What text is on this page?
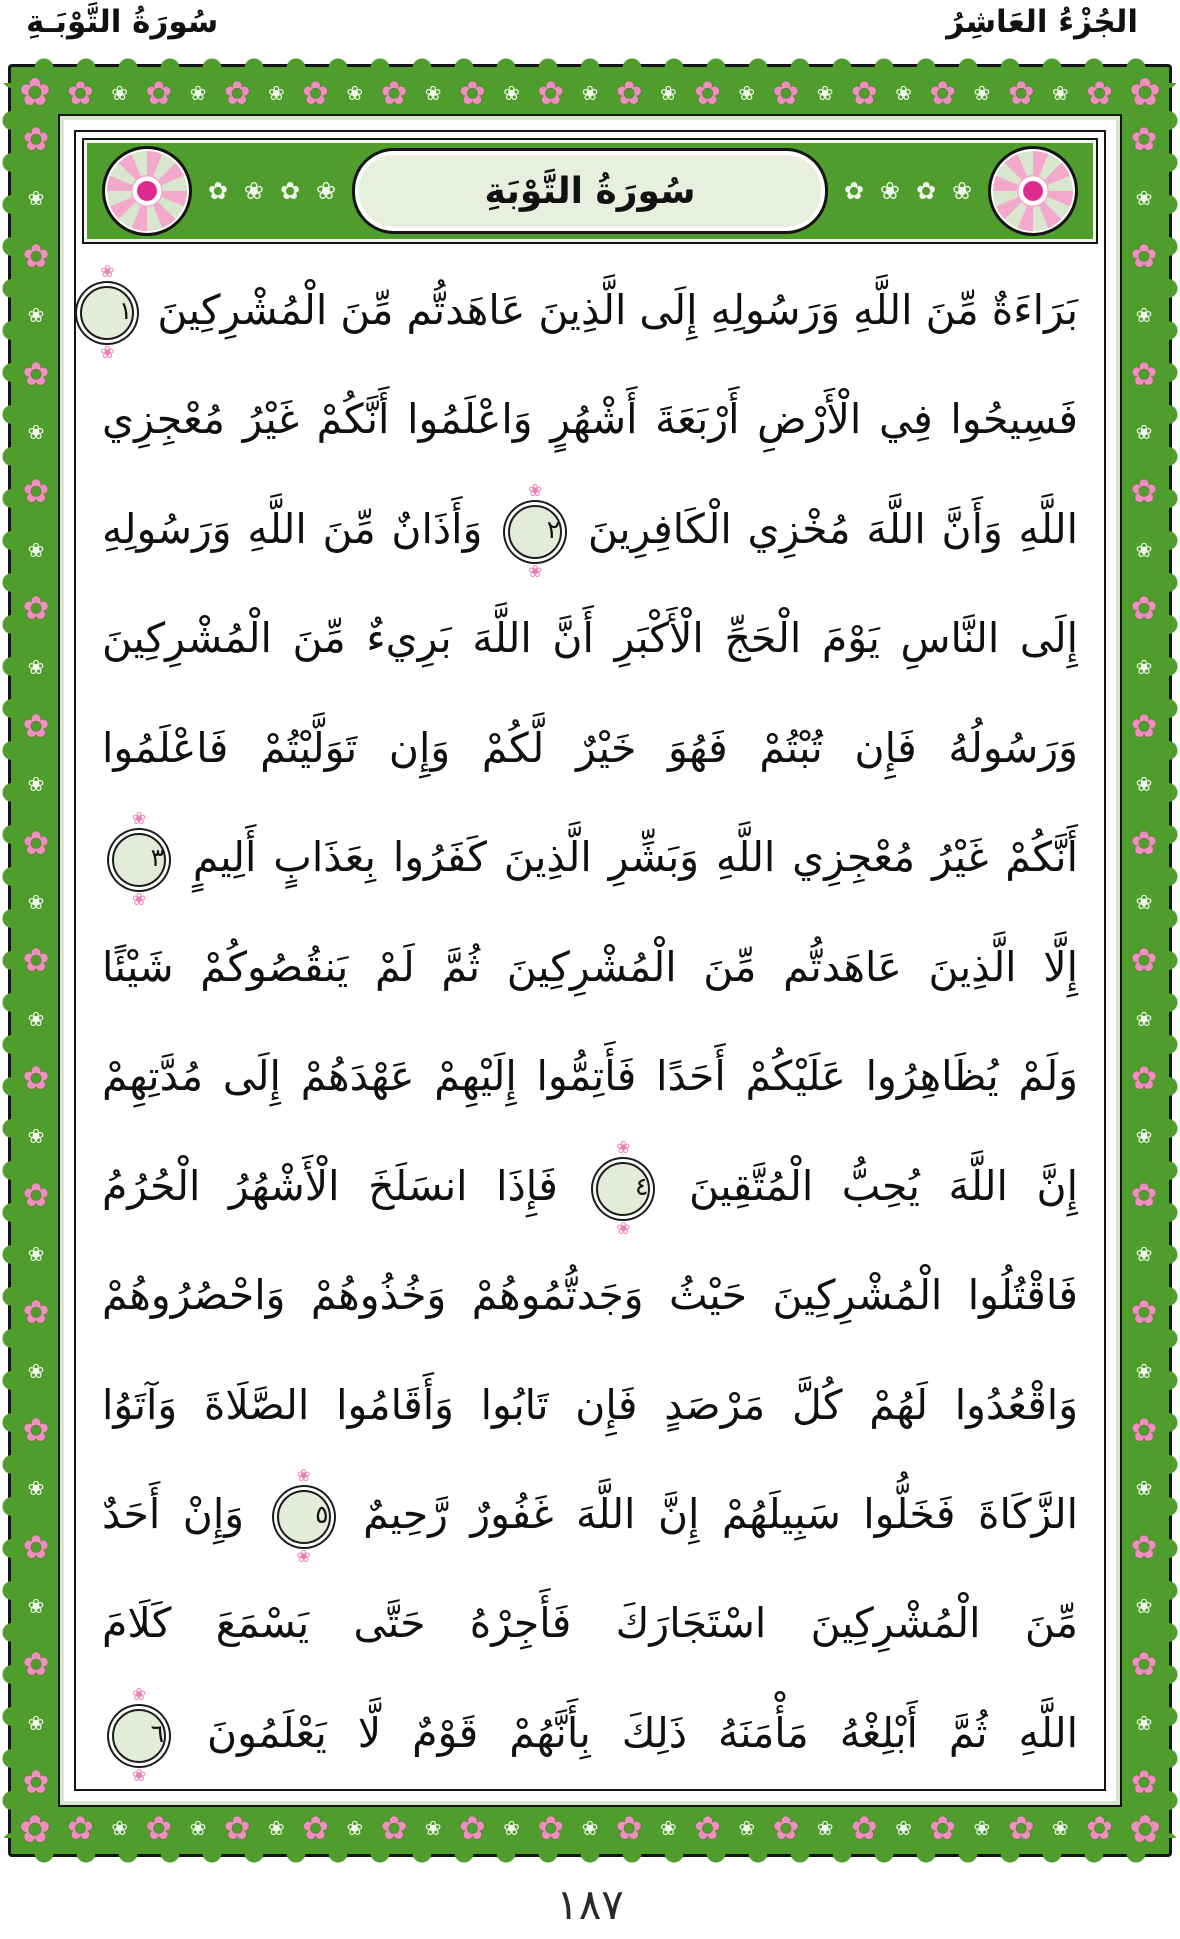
الجُزْءُ العَاشِرُ
سُورَةُ التَّوْبَـةِ
✿ ❀ ✿ ❀ ✿ ❀ ✿ ❀ ✿ ❀ ✿ ❀ ✿ ❀ ✿ ❀ ✿ ❀ ✿ ❀ ✿ ❀ ✿ ❀ ✿ ❀ ✿
✿ ❀ ✿ ❀ ✿ ❀ ✿ ❀ ✿ ❀ ✿ ❀ ✿ ❀ ✿ ❀ ✿ ❀ ✿ ❀ ✿ ❀ ✿ ❀ ✿ ❀ ✿
✿
❀
✿
❀
✿
❀
✿
❀
✿
❀
✿
❀
✿
❀
✿
❀
✿
❀
✿
❀
✿
❀
✿
❀
✿
❀
✿
❀
✿
✿
❀
✿
❀
✿
❀
✿
❀
✿
❀
✿
❀
✿
❀
✿
❀
✿
❀
✿
❀
✿
❀
✿
❀
✿
❀
✿
❀
✿
✿	✿
✿	✿
✿ ❀ ✿ ❀	سُورَةُ التَّوْبَةِ	✿ ❀ ✿ ❀
بَرَاءَةٌ مِّنَ اللَّهِ وَرَسُولِهِ إِلَى الَّذِينَ عَاهَدتُّم مِّنَ الْمُشْرِكِينَ ❀ ١ ❀
فَسِيحُوا فِي الْأَرْضِ أَرْبَعَةَ أَشْهُرٍ وَاعْلَمُوا أَنَّكُمْ غَيْرُ مُعْجِزِي
اللَّهِ وَأَنَّ اللَّهَ مُخْزِي الْكَافِرِينَ ❀ ٢ ❀ وَأَذَانٌ مِّنَ اللَّهِ وَرَسُولِهِ
إِلَى النَّاسِ يَوْمَ الْحَجِّ الْأَكْبَرِ أَنَّ اللَّهَ بَرِيءٌ مِّنَ الْمُشْرِكِينَ
وَرَسُولُهُ فَإِن تُبْتُمْ فَهُوَ خَيْرٌ لَّكُمْ وَإِن تَوَلَّيْتُمْ فَاعْلَمُوا
أَنَّكُمْ غَيْرُ مُعْجِزِي اللَّهِ وَبَشِّرِ الَّذِينَ كَفَرُوا بِعَذَابٍ أَلِيمٍ ❀ ٣ ❀
إِلَّا الَّذِينَ عَاهَدتُّم مِّنَ الْمُشْرِكِينَ ثُمَّ لَمْ يَنقُصُوكُمْ شَيْئًا
وَلَمْ يُظَاهِرُوا عَلَيْكُمْ أَحَدًا فَأَتِمُّوا إِلَيْهِمْ عَهْدَهُمْ إِلَى مُدَّتِهِمْ
إِنَّ اللَّهَ يُحِبُّ الْمُتَّقِينَ ❀ ٤ ❀ فَإِذَا انسَلَخَ الْأَشْهُرُ الْحُرُمُ
فَاقْتُلُوا الْمُشْرِكِينَ حَيْثُ وَجَدتُّمُوهُمْ وَخُذُوهُمْ وَاحْصُرُوهُمْ
وَاقْعُدُوا لَهُمْ كُلَّ مَرْصَدٍ فَإِن تَابُوا وَأَقَامُوا الصَّلَاةَ وَآتَوُا
الزَّكَاةَ فَخَلُّوا سَبِيلَهُمْ إِنَّ اللَّهَ غَفُورٌ رَّحِيمٌ ❀ ٥ ❀ وَإِنْ أَحَدٌ
مِّنَ الْمُشْرِكِينَ اسْتَجَارَكَ فَأَجِرْهُ حَتَّى يَسْمَعَ كَلَامَ
اللَّهِ ثُمَّ أَبْلِغْهُ مَأْمَنَهُ ذَلِكَ بِأَنَّهُمْ قَوْمٌ لَّا يَعْلَمُونَ ❀ ٦ ❀
١٨٧
